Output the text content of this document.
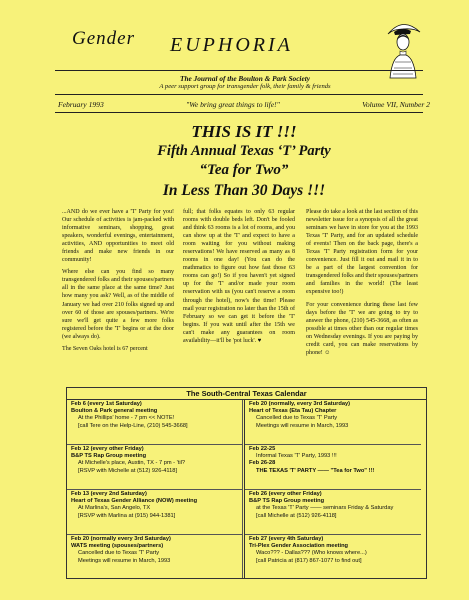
Gender EUPHORIA
The Journal of the Boulton & Park Society
A peer support group for transgender folk, their family & friends
February 1993	"We bring great things to life!"	Volume VII, Number 2
THIS IS IT !!!
Fifth Annual Texas ‘T’ Party
“Tea for Two”
In Less Than 30 Days !!!

...AND do we ever have a 'T' Party for you! Our schedule of activities is jam-packed with informative seminars, shopping, great speakers, wonderful evenings, entertainment, activities, AND opportunities to meet old friends and make new friends in our community!

Where else can you find so many transgendered folks and their spouses/partners all in the same place at the same time? Just how many you ask? Well, as of the middle of January we had over 210 folks signed up and over 60 of those are spouses/partners. We're sure we'll get quite a few more folks registered before the 'T' begins or at the door (we always do).

The Seven Oaks hotel is 67 percent

full; that folks equates to only 63 regular rooms with double beds left. Don't be fooled and think 63 rooms is a lot of rooms, and you can show up at the 'T' and expect to have a room waiting for you without making reservations! We have reserved as many as 8 rooms in one day! (You can do the mathmatics to figure out how fast those 63 rooms can go!) So if you haven't yet signed up for the 'T' and/or made your room reservation with us (you can't reserve a room through the hotel), now's the time! Please mail your registration no later than the 15th of February so we can get it before the 'T' begins. If you wait until after the 15th we can't make any guarantees on room availability—it'll be 'pot luck'. ♥

Please do take a look at the last section of this newsletter issue for a synopsis of all the great seminars we have in store for you at the 1993 Texas 'T' Party, and for an updated schedule of events! Then on the back page, there's a Texas 'T' Party registration form for your convenience. Just fill it out and mail it in to be a part of the largest convention for transgendered folks and their spouses/partners and families in the world! (The least expensive too!)

For your convenience during these last few days before the 'T' we are going to try to answer the phone, (210) 545-3668, as often as possible at times other than our regular times on Wednesday evenings. If you are paying by credit card, you can make reservations by phone! ☺

The South-Central Texas Calendar
Feb 6 (every 1st Saturday)
Boulton & Park general meeting
At the Phillips' home - 7 pm << NOTE!
[call Tere on the Help-Line, (210) 545-3668]
Feb 20 (normally, every 3rd Saturday)
Heart of Texas (Eta Tau) Chapter
Cancelled due to Texas 'T' Party
Meetings will resume in March, 1993
Feb 12 (every other Friday)
B&P TS Rap Group meeting
At Michelle's place, Austin, TX - 7 pm - 'til?
[RSVP with Michelle at (512) 926-4118]
Feb 22-25
Informal Texas 'T' Party, 1993 !!!
Feb 26-28
THE TEXAS 'T' PARTY —— "Tea for Two" !!!
Feb 13 (every 2nd Saturday)
Heart of Texas Gender Alliance (NOW) meeting
At Marlina's, San Angelo, TX
[RSVP with Marlina at (915) 944-1381]
Feb 26 (every other Friday)
B&P TS Rap Group meeting
at the Texas 'T' Party —— seminars Friday & Saturday
[call Michelle at (512) 926-4118]
Feb 20 (normally every 3rd Saturday)
WATS meeting (spouses/partners)
Cancelled due to Texas 'T' Party
Meetings will resume in March, 1993
Feb 27 (every 4th Saturday)
Tri-Plex Gender Association meeting
Waco??? - Dallas??? (Who knows where...)
[call Patricia at (817) 867-1077 to find out]
